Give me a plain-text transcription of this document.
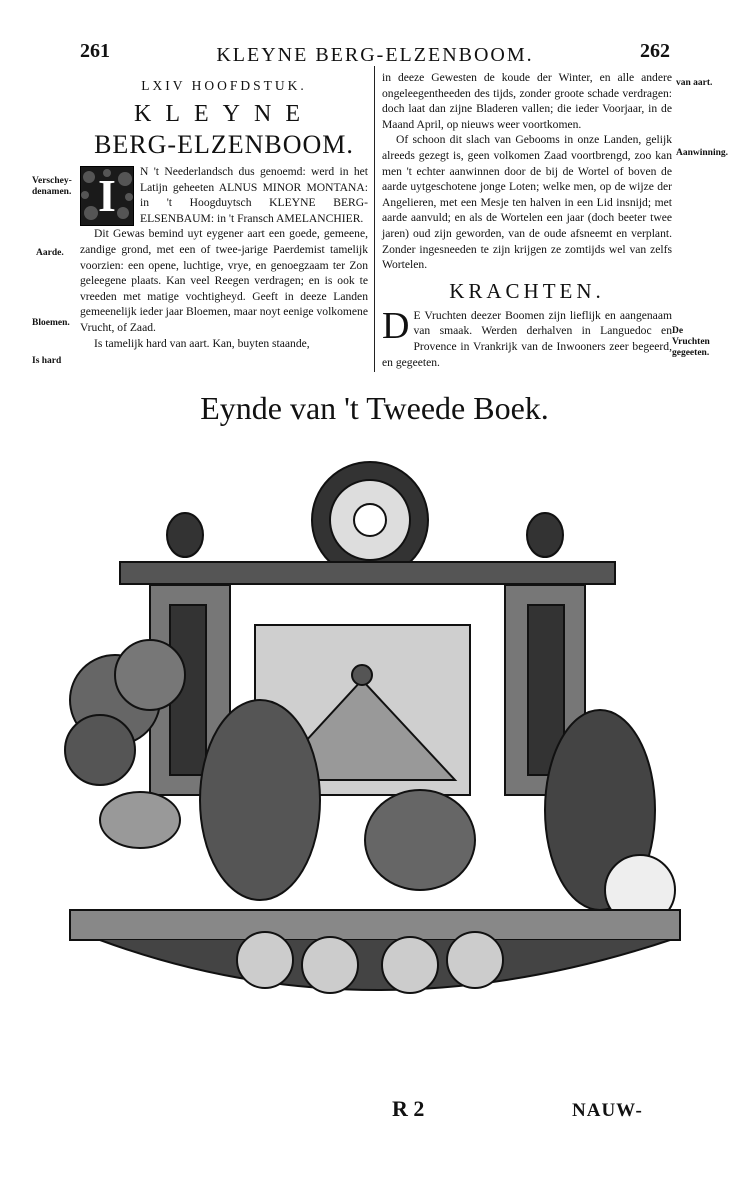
261	KLEYNE BERG-ELZENBOOM.	262
Verschey-denamen.
Aarde.
Bloemen.
Is hard
LXIV HOOFDSTUK.
KLEYNE
BERG-ELZENBOOM.
I	N 't Neederlandsch dus genoemd: werd in het Latijn geheeten ALNUS MINOR MONTANA: in 't Hoogduytsch KLEYNE BERG-ELSENBAUM: in 't Fransch AMELANCHIER.

Dit Gewas bemind uyt eygener aart een goede, gemeene, zandige grond, met een of twee-jarige Paerdemist tamelijk voorzien: een opene, luchtige, vrye, en genoegzaam ter Zon geleegene plaats. Kan veel Reegen verdragen; en is ook te vreeden met matige vochtigheyd. Geeft in deeze Landen gemeenelijk ieder jaar Bloemen, maar noyt eenige volkomene Vrucht, of Zaad.

Is tamelijk hard van aart. Kan, buyten staande,

in deeze Gewesten de koude der Winter, en alle andere ongeleegentheeden des tijds, zonder groote schade verdragen: doch laat dan zijne Bladeren vallen; die ieder Voorjaar, in de Maand April, op nieuws weer voortkomen.

Of schoon dit slach van Gebooms in onze Landen, gelijk alreeds gezegt is, geen volkomen Zaad voortbrengd, zoo kan men 't echter aanwinnen door de bij de Wortel of boven de aarde uytgeschotene jonge Loten; welke men, op de wijze der Angelieren, met een Mesje ten halven in een Lid insnijd; met aarde aanvuld; en als de Wortelen een jaar (doch beeter twee jaren) oud zijn geworden, van de oude afsneemt en verplant. Zonder ingesneeden te zijn krijgen ze zomtijds wel van zelfs Wortelen.

KRACHTEN.
D E Vruchten deezer Boomen zijn lieflijk en aangenaam van smaak. Werden derhalven in Languedoc en Provence in Vrankrijk van de Inwooners zeer begeerd, en gegeeten.

van aart.
Aanwinning.
De Vruchten gegeeten.
Eynde van 't Tweede Boek.
R 2	NAUW-
